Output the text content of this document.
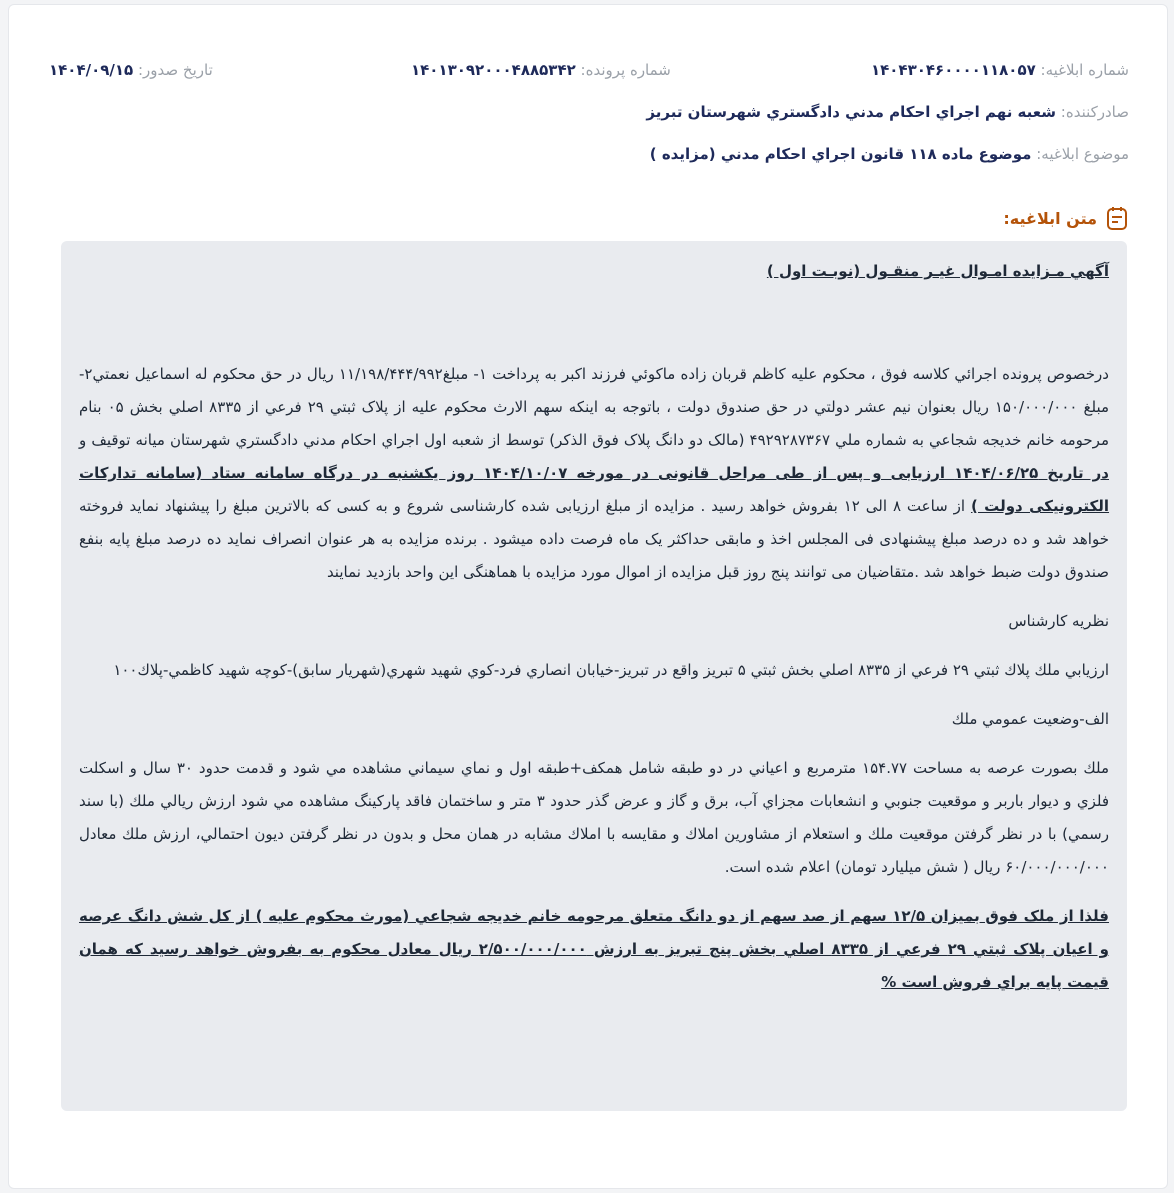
شماره ابلاغیه: ۱۴۰۴۳۰۴۶۰۰۰۰۱۱۸۰۵۷
شماره پرونده: ۱۴۰۱۳۰۹۲۰۰۰۴۸۸۵۳۴۲
تاریخ صدور: ۱۴۰۴/۰۹/۱۵
صادرکننده: شعبه نهم اجراي احکام مدني دادگستري شهرستان تبريز
موضوع ابلاغیه: موضوع ماده ۱۱۸ قانون اجراي احکام مدني (مزايده )
متن ابلاغیه:

آگهي مـزايده امـوال غيـر منقـول (نوبـت اول )

درخصوص پرونده اجرائي کلاسه فوق ، محکوم عليه کاظم قربان زاده ماکوئي فرزند اکبر به پرداخت ۱- مبلغ۱۱/۱۹۸/۴۴۴/۹۹۲ ريال در حق محکوم له اسماعيل نعمتي۲- مبلغ ۱۵۰/۰۰۰/۰۰۰ ريال بعنوان نيم عشر دولتي در حق صندوق دولت ، باتوجه به اينکه سهم الارث محکوم عليه از پلاک ثبتي ۲۹ فرعي از ۸۳۳۵ اصلي بخش ۰۵ بنام مرحومه خانم خديجه شجاعي به شماره ملي ۴۹۲۹۲۸۷۳۶۷ (مالک دو دانگ پلاک فوق الذکر) توسط از شعبه اول اجراي احکام مدني دادگستري شهرستان ميانه توقيف و در تاريخ ۱۴۰۴/۰۶/۲۵ ارزيابی و پس از طی مراحل قانونی در مورخه ۱۴۰۴/۱۰/۰۷ روز يکشنبه در درگاه سامانه ستاد (سامانه تدارکات الکترونيکی دولت ) از ساعت ۸ الی ۱۲ بفروش خواهد رسيد . مزايده از مبلغ ارزيابی شده کارشناسی شروع و به کسی که بالاترين مبلغ را پيشنهاد نمايد فروخته خواهد شد و ده درصد مبلغ پيشنهادی فی المجلس اخذ و مابقی حداکثر يک ماه فرصت داده ميشود . برنده مزايده به هر عنوان انصراف نمايد ده درصد مبلغ پايه بنفع صندوق دولت ضبط خواهد شد .متقاضيان می توانند پنج روز قبل مزايده از اموال مورد مزايده با هماهنگی اين واحد بازديد نمايند

نظريه کارشناس

ارزيابي ملك پلاك ثبتي ۲۹ فرعي از ۸۳۳۵ اصلي بخش ثبتي ۵ تبريز واقع در تبريز-خيابان انصاري فرد-كوي شهيد شهري(شهريار سابق)-كوچه شهيد كاظمي-پلاك۱۰۰

الف-وضعيت عمومي ملك

ملك بصورت عرصه به مساحت ۱۵۴.۷۷ مترمربع و اعياني در دو طبقه شامل همكف+طبقه اول و نماي سيماني مشاهده مي شود و قدمت حدود ۳۰ سال و اسكلت فلزي و ديوار باربر و موقعيت جنوبي و انشعابات مجزاي آب، برق و گاز و عرض گذر حدود ۳ متر و ساختمان فاقد پاركينگ مشاهده مي شود ارزش ريالي ملك (با سند رسمي) با در نظر گرفتن موقعيت ملك و استعلام از مشاورين املاك و مقايسه با املاك مشابه در همان محل و بدون در نظر گرفتن ديون احتمالي، ارزش ملك معادل ۶۰/۰۰۰/۰۰۰/۰۰۰ ريال ( شش ميليارد تومان) اعلام شده است.

فلذا از ملک فوق بميزان ۱۲/۵ سهم از صد سهم از دو دانگ متعلق مرحومه خانم خديجه شجاعي (مورث محکوم عليه ) از کل شش دانگ عرصه و اعيان پلاک ثبتي ۲۹ فرعي از ۸۳۳۵ اصلي بخش پنج تبريز به ارزش ۲/۵۰۰/۰۰۰/۰۰۰ ريال معادل محکوم به بفروش خواهد رسيد که همان قيمت پايه براي فروش است %
